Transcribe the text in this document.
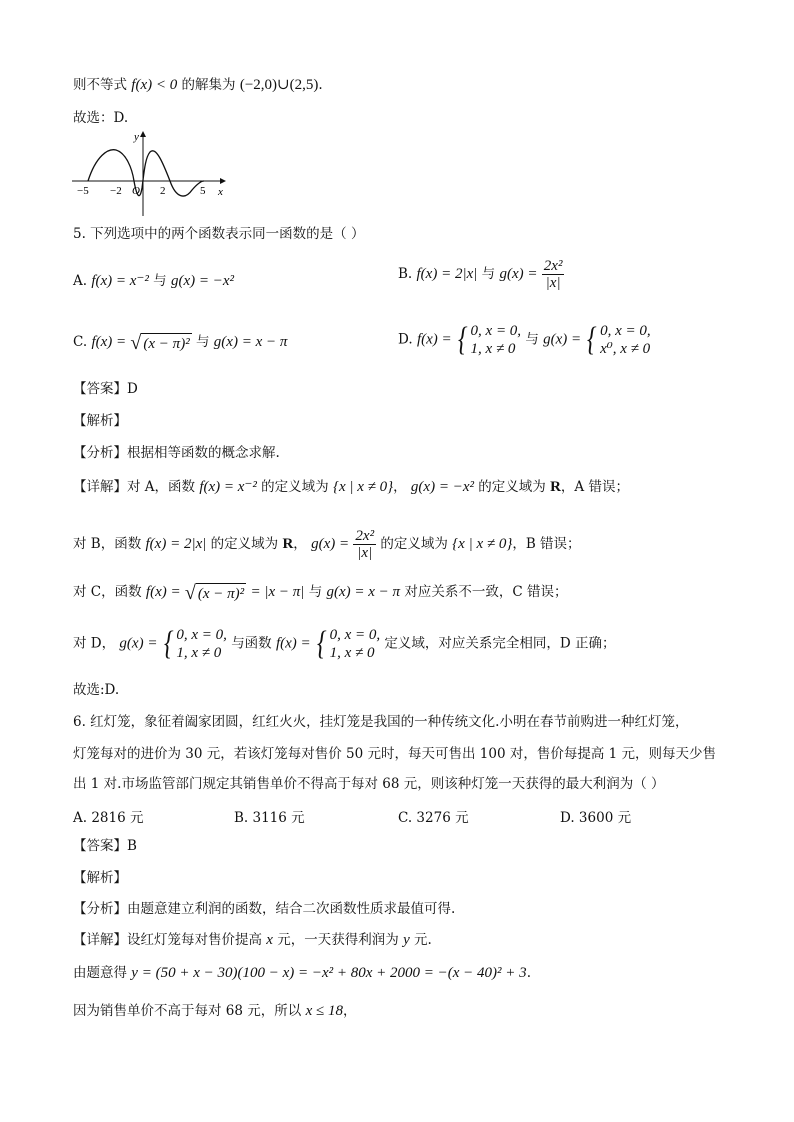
则不等式 f(x) < 0 的解集为 (−2,0)∪(2,5).
故选：D.
y
x
O
−5 −2	2	5
5. 下列选项中的两个函数表示同一函数的是（ ）
A. f(x) = x⁻² 与 g(x) = −x²	B. f(x) = 2|x| 与 $g(x) = \frac{\text{2x²}}{|x|}$
C. f(x) = √ (x − π)² 与 g(x) = x − π	D. f(x) = { 0, x = 0,
1, x ≠ 0
与 g(x) = { 0, x = 0,
x⁰, x ≠ 0
【答案】D
【解析】
【分析】根据相等函数的概念求解.
【详解】对 A，函数 f(x) = x⁻² 的定义域为 {x | x ≠ 0}， g(x) = −x² 的定义域为 R，A 错误；
对 B，函数 f(x) = 2|x| 的定义域为 R， $g(x) = \frac{\text{2x²}}{|x|}$ 的定义域为 {x | x ≠ 0}，B 错误；
对 C，函数 f(x) = √ (x − π)² = |x − π| 与 g(x) = x − π 对应关系不一致，C 错误；
对 D， g(x) = { 0, x = 0,
1, x ≠ 0
与函数 f(x) = { 0, x = 0,
1, x ≠ 0
定义域，对应关系完全相同，D 正确；
故选:D.
6. 红灯笼，象征着阖家团圆，红红火火，挂灯笼是我国的一种传统文化.小明在春节前购进一种红灯笼，
灯笼每对的进价为 30 元，若该灯笼每对售价 50 元时，每天可售出 100 对，售价每提高 1 元，则每天少售
出 1 对.市场监管部门规定其销售单价不得高于每对 68 元，则该种灯笼一天获得的最大利润为（ ）
A. 2816 元	B. 3116 元	C. 3276 元	D. 3600 元
【答案】B
【解析】
【分析】由题意建立利润的函数，结合二次函数性质求最值可得.
【详解】设红灯笼每对售价提高 x 元，一天获得利润为 y 元.
由题意得 y = (50 + x − 30)(100 − x) = −x² + 80x + 2000 = −(x − 40)² + 3.
因为销售单价不高于每对 68 元，所以 x ≤ 18，
